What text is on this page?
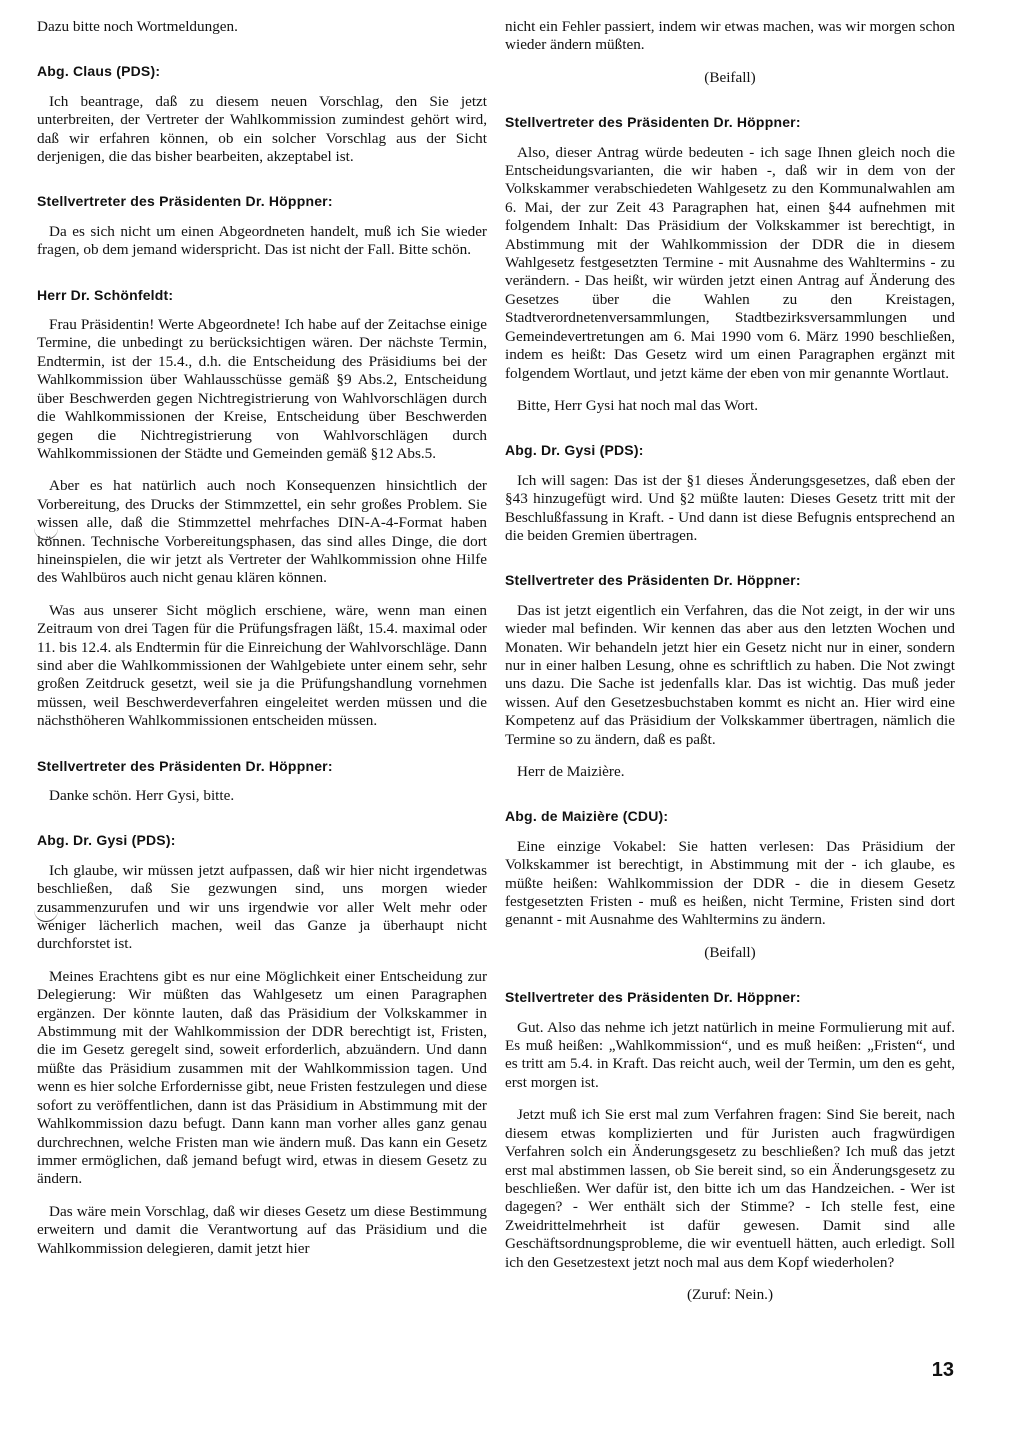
Dazu bitte noch Wortmeldungen.

Abg. Claus (PDS):

Ich beantrage, daß zu diesem neuen Vorschlag, den Sie jetzt unterbreiten, der Vertreter der Wahlkommission zumindest gehört wird, daß wir erfahren können, ob ein solcher Vorschlag aus der Sicht derjenigen, die das bisher bearbeiten, akzeptabel ist.

Stellvertreter des Präsidenten Dr. Höppner:

Da es sich nicht um einen Abgeordneten handelt, muß ich Sie wieder fragen, ob dem jemand widerspricht. Das ist nicht der Fall. Bitte schön.

Herr Dr. Schönfeldt:

Frau Präsidentin! Werte Abgeordnete! Ich habe auf der Zeitachse einige Termine, die unbedingt zu berücksichtigen wären. Der nächste Termin, Endtermin, ist der 15.4., d.h. die Entscheidung des Präsidiums bei der Wahlkommission über Wahlausschüsse gemäß §9 Abs.2, Entscheidung über Beschwerden gegen Nichtregistrierung von Wahlvorschlägen durch die Wahlkommissionen der Kreise, Entscheidung über Beschwerden gegen die Nichtregistrierung von Wahlvorschlägen durch Wahlkommissionen der Städte und Gemeinden gemäß §12 Abs.5.

Aber es hat natürlich auch noch Konsequenzen hinsichtlich der Vorbereitung, des Drucks der Stimmzettel, ein sehr großes Problem. Sie wissen alle, daß die Stimmzettel mehrfaches DIN-A-4-Format haben können. Technische Vorbereitungsphasen, das sind alles Dinge, die dort hineinspielen, die wir jetzt als Vertreter der Wahlkommission ohne Hilfe des Wahlbüros auch nicht genau klären können.

Was aus unserer Sicht möglich erschiene, wäre, wenn man einen Zeitraum von drei Tagen für die Prüfungsfragen läßt, 15.4. maximal oder 11. bis 12.4. als Endtermin für die Einreichung der Wahlvorschläge. Dann sind aber die Wahlkommissionen der Wahlgebiete unter einem sehr, sehr großen Zeitdruck gesetzt, weil sie ja die Prüfungshandlung vornehmen müssen, weil Beschwerdeverfahren eingeleitet werden müssen und die nächsthöheren Wahlkommissionen entscheiden müssen.

Stellvertreter des Präsidenten Dr. Höppner:

Danke schön. Herr Gysi, bitte.

Abg. Dr. Gysi (PDS):

Ich glaube, wir müssen jetzt aufpassen, daß wir hier nicht irgendetwas beschließen, daß Sie gezwungen sind, uns morgen wieder zusammenzurufen und wir uns irgendwie vor aller Welt mehr oder weniger lächerlich machen, weil das Ganze ja überhaupt nicht durchforstet ist.

Meines Erachtens gibt es nur eine Möglichkeit einer Entscheidung zur Delegierung: Wir müßten das Wahlgesetz um einen Paragraphen ergänzen. Der könnte lauten, daß das Präsidium der Volkskammer in Abstimmung mit der Wahlkommission der DDR berechtigt ist, Fristen, die im Gesetz geregelt sind, soweit erforderlich, abzuändern. Und dann müßte das Präsidium zusammen mit der Wahlkommission tagen. Und wenn es hier solche Erfordernisse gibt, neue Fristen festzulegen und diese sofort zu veröffentlichen, dann ist das Präsidium in Abstimmung mit der Wahlkommission dazu befugt. Dann kann man vorher alles ganz genau durchrechnen, welche Fristen man wie ändern muß. Das kann ein Gesetz immer ermöglichen, daß jemand befugt wird, etwas in diesem Gesetz zu ändern.

Das wäre mein Vorschlag, daß wir dieses Gesetz um diese Bestimmung erweitern und damit die Verantwortung auf das Präsidium und die Wahlkommission delegieren, damit jetzt hier

nicht ein Fehler passiert, indem wir etwas machen, was wir morgen schon wieder ändern müßten.

(Beifall)

Stellvertreter des Präsidenten Dr. Höppner:

Also, dieser Antrag würde bedeuten - ich sage Ihnen gleich noch die Entscheidungsvarianten, die wir haben -, daß wir in dem von der Volkskammer verabschiedeten Wahlgesetz zu den Kommunalwahlen am 6. Mai, der zur Zeit 43 Paragraphen hat, einen §44 aufnehmen mit folgendem Inhalt: Das Präsidium der Volkskammer ist berechtigt, in Abstimmung mit der Wahlkommission der DDR die in diesem Wahlgesetz festgesetzten Termine - mit Ausnahme des Wahltermins - zu verändern. - Das heißt, wir würden jetzt einen Antrag auf Änderung des Gesetzes über die Wahlen zu den Kreistagen, Stadtverordnetenversammlungen, Stadtbezirksversammlungen und Gemeindevertretungen am 6. Mai 1990 vom 6. März 1990 beschließen, indem es heißt: Das Gesetz wird um einen Paragraphen ergänzt mit folgendem Wortlaut, und jetzt käme der eben von mir genannte Wortlaut.

Bitte, Herr Gysi hat noch mal das Wort.

Abg. Dr. Gysi (PDS):

Ich will sagen: Das ist der §1 dieses Änderungsgesetzes, daß eben der §43 hinzugefügt wird. Und §2 müßte lauten: Dieses Gesetz tritt mit der Beschlußfassung in Kraft. - Und dann ist diese Befugnis entsprechend an die beiden Gremien übertragen.

Stellvertreter des Präsidenten Dr. Höppner:

Das ist jetzt eigentlich ein Verfahren, das die Not zeigt, in der wir uns wieder mal befinden. Wir kennen das aber aus den letzten Wochen und Monaten. Wir behandeln jetzt hier ein Gesetz nicht nur in einer, sondern nur in einer halben Lesung, ohne es schriftlich zu haben. Die Not zwingt uns dazu. Die Sache ist jedenfalls klar. Das ist wichtig. Das muß jeder wissen. Auf den Gesetzesbuchstaben kommt es nicht an. Hier wird eine Kompetenz auf das Präsidium der Volkskammer übertragen, nämlich die Termine so zu ändern, daß es paßt.

Herr de Maizière.

Abg. de Maizière (CDU):

Eine einzige Vokabel: Sie hatten verlesen: Das Präsidium der Volkskammer ist berechtigt, in Abstimmung mit der - ich glaube, es müßte heißen: Wahlkommission der DDR - die in diesem Gesetz festgesetzten Fristen - muß es heißen, nicht Termine, Fristen sind dort genannt - mit Ausnahme des Wahltermins zu ändern.

(Beifall)

Stellvertreter des Präsidenten Dr. Höppner:

Gut. Also das nehme ich jetzt natürlich in meine Formulierung mit auf. Es muß heißen: „Wahlkommission“, und es muß heißen: „Fristen“, und es tritt am 5.4. in Kraft. Das reicht auch, weil der Termin, um den es geht, erst morgen ist.

Jetzt muß ich Sie erst mal zum Verfahren fragen: Sind Sie bereit, nach diesem etwas komplizierten und für Juristen auch fragwürdigen Verfahren solch ein Änderungsgesetz zu beschließen? Ich muß das jetzt erst mal abstimmen lassen, ob Sie bereit sind, so ein Änderungsgesetz zu beschließen. Wer dafür ist, den bitte ich um das Handzeichen. - Wer ist dagegen? - Wer enthält sich der Stimme? - Ich stelle fest, eine Zweidrittelmehrheit ist dafür gewesen. Damit sind alle Geschäftsordnungsprobleme, die wir eventuell hätten, auch erledigt. Soll ich den Gesetzestext jetzt noch mal aus dem Kopf wiederholen?

(Zuruf: Nein.)

13
